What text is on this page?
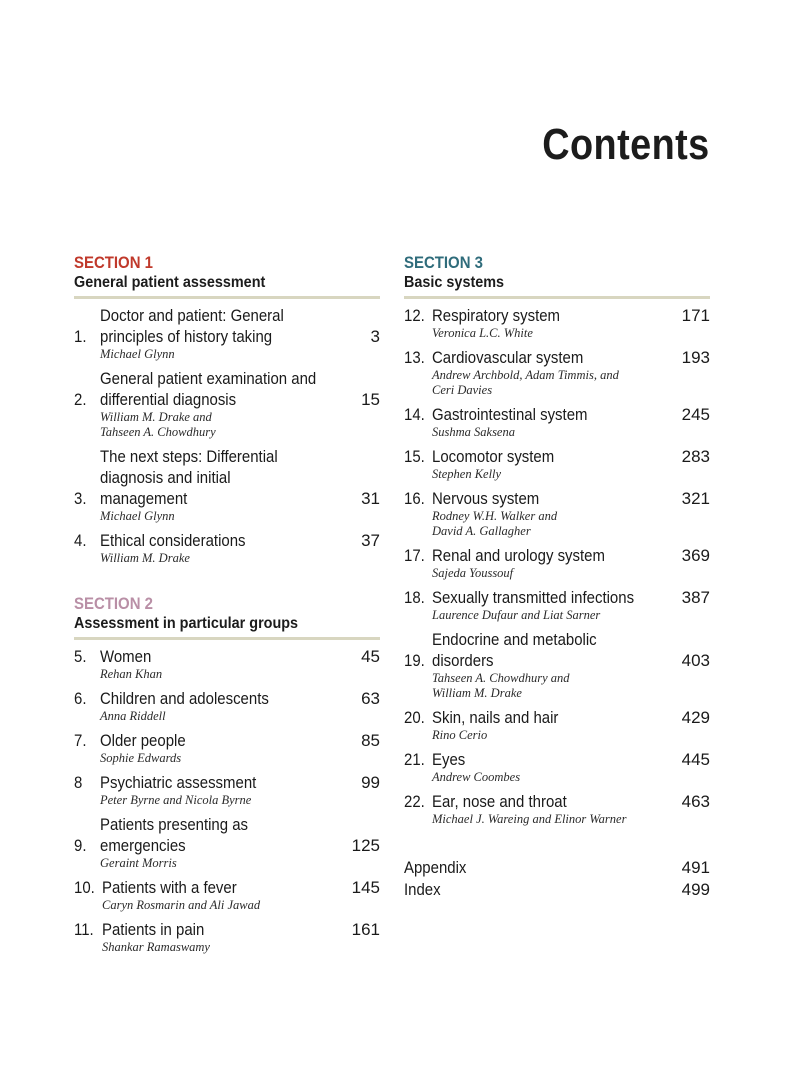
Contents
SECTION 1
General patient assessment
1.
Doctor and patient: General
principles of history taking	3
Michael Glynn
2.
General patient examination and
differential diagnosis	15
William M. Drake and
Tahseen A. Chowdhury
3.
The next steps: Differential
diagnosis and initial management	31
Michael Glynn
4. Ethical considerations	37
William M. Drake
SECTION 2
Assessment in particular groups
5. Women	45
Rehan Khan
6. Children and adolescents	63
Anna Riddell
7. Older people	85
Sophie Edwards
8	Psychiatric assessment	99
Peter Byrne and Nicola Byrne
9.
Patients presenting as
emergencies	125
Geraint Morris
10. Patients with a fever	145
Caryn Rosmarin and Ali Jawad
11. Patients in pain	161
Shankar Ramaswamy
SECTION 3
Basic systems
12. Respiratory system	171
Veronica L.C. White
13. Cardiovascular system	193
Andrew Archbold, Adam Timmis, and
Ceri Davies
14. Gastrointestinal system	245
Sushma Saksena
15. Locomotor system	283
Stephen Kelly
16. Nervous system	321
Rodney W.H. Walker and
David A. Gallagher
17. Renal and urology system	369
Sajeda Youssouf
18. Sexually transmitted infections	387
Laurence Dufaur and Liat Sarner
19.
Endocrine and metabolic
disorders	403
Tahseen A. Chowdhury and
William M. Drake
20. Skin, nails and hair	429
Rino Cerio
21. Eyes	445
Andrew Coombes
22. Ear, nose and throat	463
Michael J. Wareing and Elinor Warner
Appendix	491
Index	499
